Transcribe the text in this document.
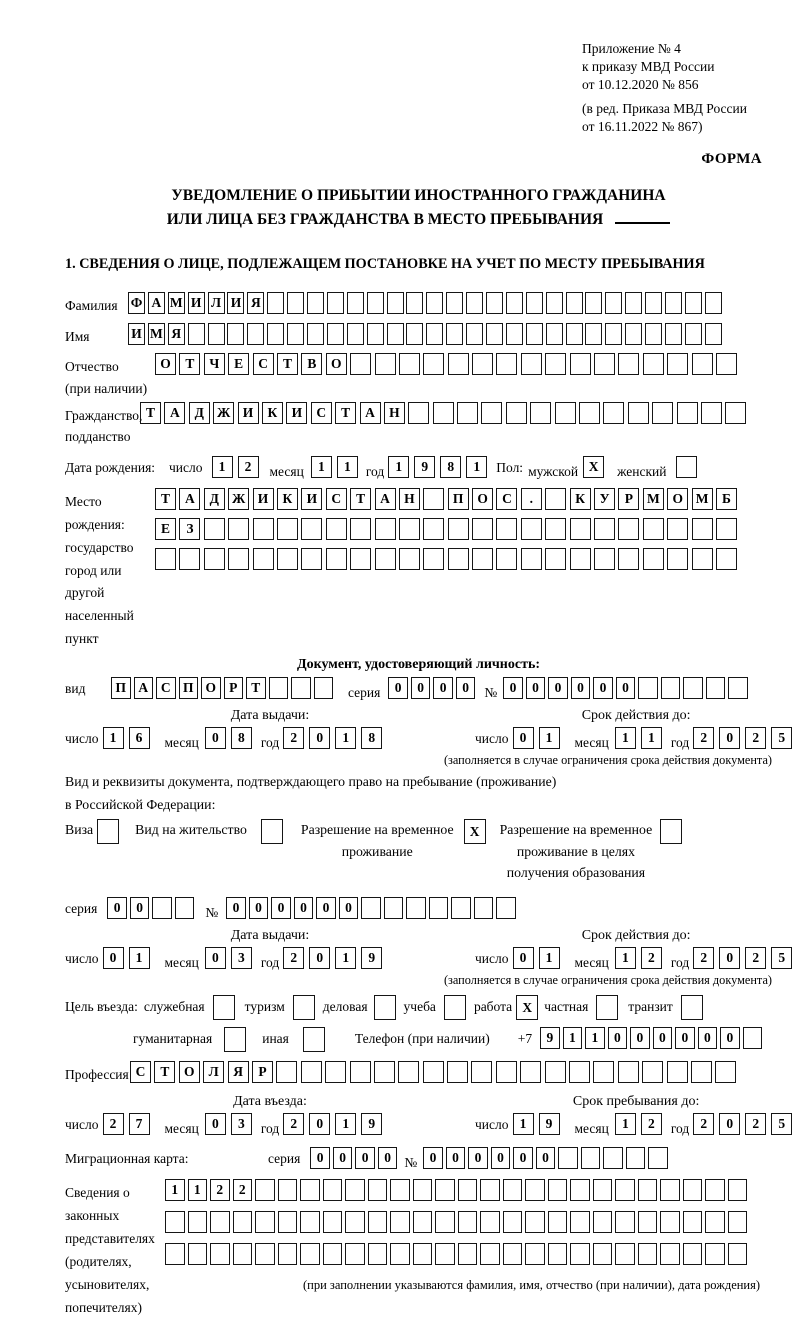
Приложение № 4
к приказу МВД России
от 10.12.2020 № 856
(в ред. Приказа МВД России
от 16.11.2022 № 867)
ФОРМА
УВЕДОМЛЕНИЕ О ПРИБЫТИИ ИНОСТРАННОГО ГРАЖДАНИНА
ИЛИ ЛИЦА БЕЗ ГРАЖДАНСТВА В МЕСТО ПРЕБЫВАНИЯ
1. СВЕДЕНИЯ О ЛИЦЕ, ПОДЛЕЖАЩЕМ ПОСТАНОВКЕ НА УЧЕТ ПО МЕСТУ ПРЕБЫВАНИЯ
Фамилия Ф А М И Л И Я
Имя	И М Я
Отчество
(при наличии)
О	Т	Ч	Е	С	Т	В	О
Гражданство,
подданство
Т	А	Д Ж И	К	И	С	Т	А	Н
Дата рождения:	число	1	2	месяц	1	1	год 1	9	8	1	Пол: мужской X	женский
Место рождения:
государство
город или другой
населенный пункт
Т	А	Д Ж И	К	И	С	Т	А	Н	П	О	С	.	К	У	Р	М О М	Б

Е	З

Документ, удостоверяющий личность:
вид	П А С П О Р	Т	серия	0	0	0	0	№ 0	0	0	0	0	0
Дата выдачи:
число 1	6	месяц 0	8	год 2	0	1	8
Срок действия до:
число 0	1	месяц 1	1	год 2	0	2	5
(заполняется в случае ограничения срока действия документа)
Вид и реквизиты документа, подтверждающего право на пребывание (проживание)
в Российской Федерации:
Виза	Вид на жительство	Разрешение на временное
проживание
X	Разрешение на временное
проживание в целях
получения образования
серия	0	0	№	0	0	0	0	0	0
Дата выдачи:
число 0	1	месяц 0	3	год 2	0	1	9
Срок действия до:
число 0	1	месяц 1	2	год 2	0	2	5
(заполняется в случае ограничения срока действия документа)
Цель въезда: служебная	туризм	деловая	учеба	работа X частная	транзит
гуманитарная	иная	Телефон (при наличии) +7	9	1	1	0	0	0	0	0	0
Профессия С	Т	О	Л	Я	Р
Дата въезда:
число 2	7	месяц 0	3	год 2	0	1	9
Срок пребывания до:
число 1	9	месяц 1	2	год 2	0	2	5
Миграционная карта:	серия	0	0	0	0 № 0	0	0	0	0	0
Сведения о
законных
представителях
(родителях,
усыновителях,
попечителях)
1	1	2	2

(при заполнении указываются фамилия, имя, отчество (при наличии), дата рождения)
